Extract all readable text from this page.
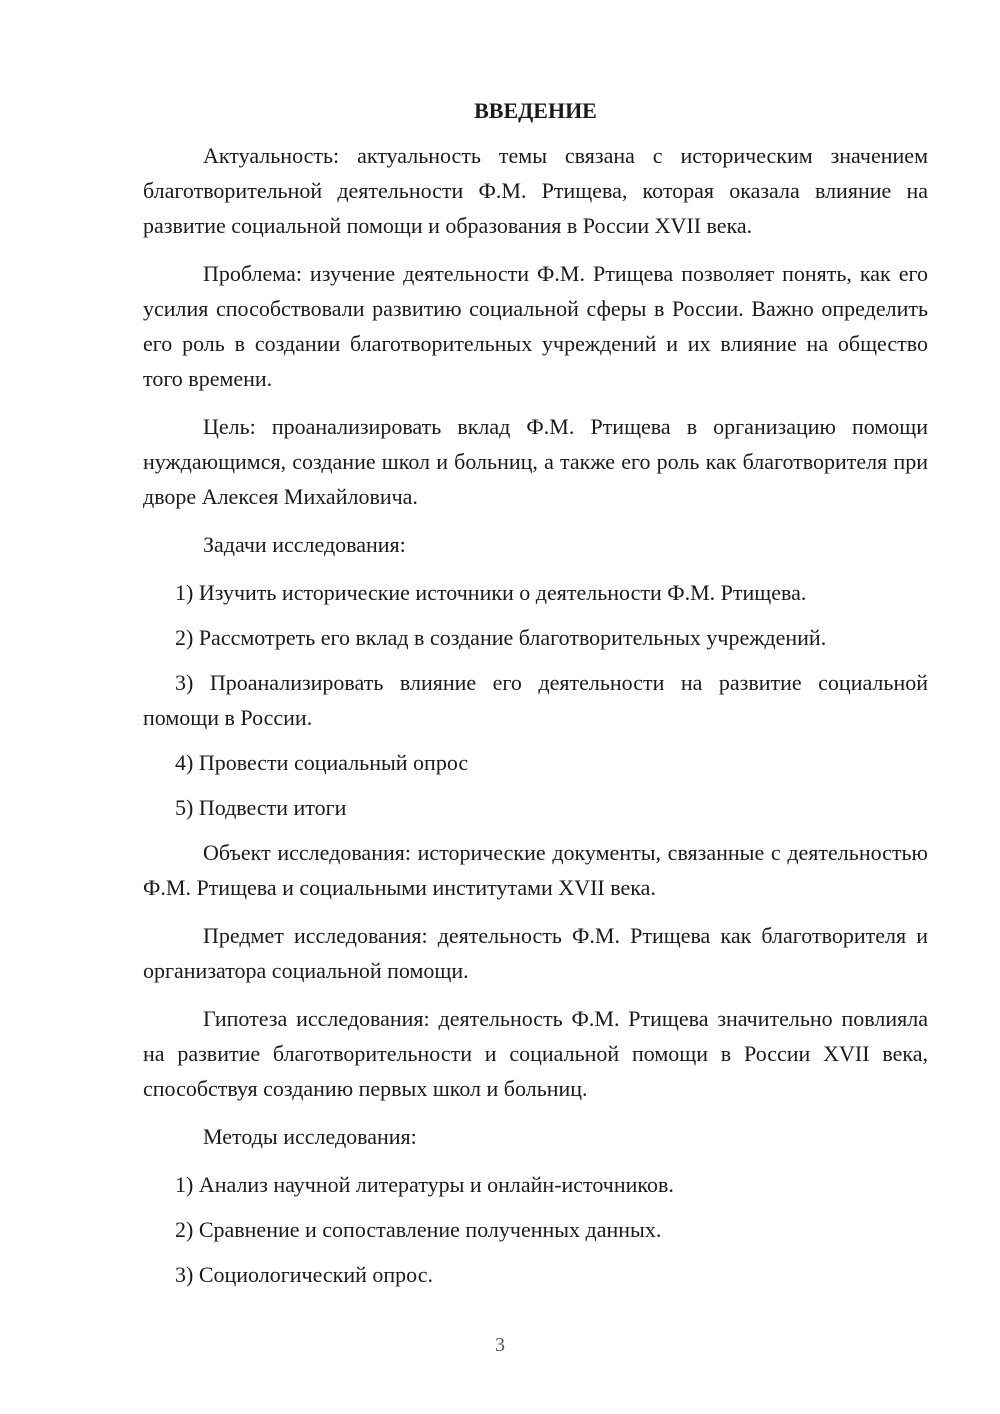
ВВЕДЕНИЕ

Актуальность: актуальность темы связана с историческим значением благотворительной деятельности Ф.М. Ртищева, которая оказала влияние на развитие социальной помощи и образования в России XVII века.

Проблема: изучение деятельности Ф.М. Ртищева позволяет понять, как его усилия способствовали развитию социальной сферы в России. Важно определить его роль в создании благотворительных учреждений и их влияние на общество того времени.

Цель: проанализировать вклад Ф.М. Ртищева в организацию помощи нуждающимся, создание школ и больниц, а также его роль как благотворителя при дворе Алексея Михайловича.

Задачи исследования:

1) Изучить исторические источники о деятельности Ф.М. Ртищева.

2) Рассмотреть его вклад в создание благотворительных учреждений.

3) Проанализировать влияние его деятельности на развитие социальной помощи в России.

4) Провести социальный опрос

5) Подвести итоги

Объект исследования: исторические документы, связанные с деятельностью Ф.М. Ртищева и социальными институтами XVII века.

Предмет исследования: деятельность Ф.М. Ртищева как благотворителя и организатора социальной помощи.

Гипотеза исследования: деятельность Ф.М. Ртищева значительно повлияла на развитие благотворительности и социальной помощи в России XVII века, способствуя созданию первых школ и больниц.

Методы исследования:

1) Анализ научной литературы и онлайн-источников.

2) Сравнение и сопоставление полученных данных.

3) Социологический опрос.

3
